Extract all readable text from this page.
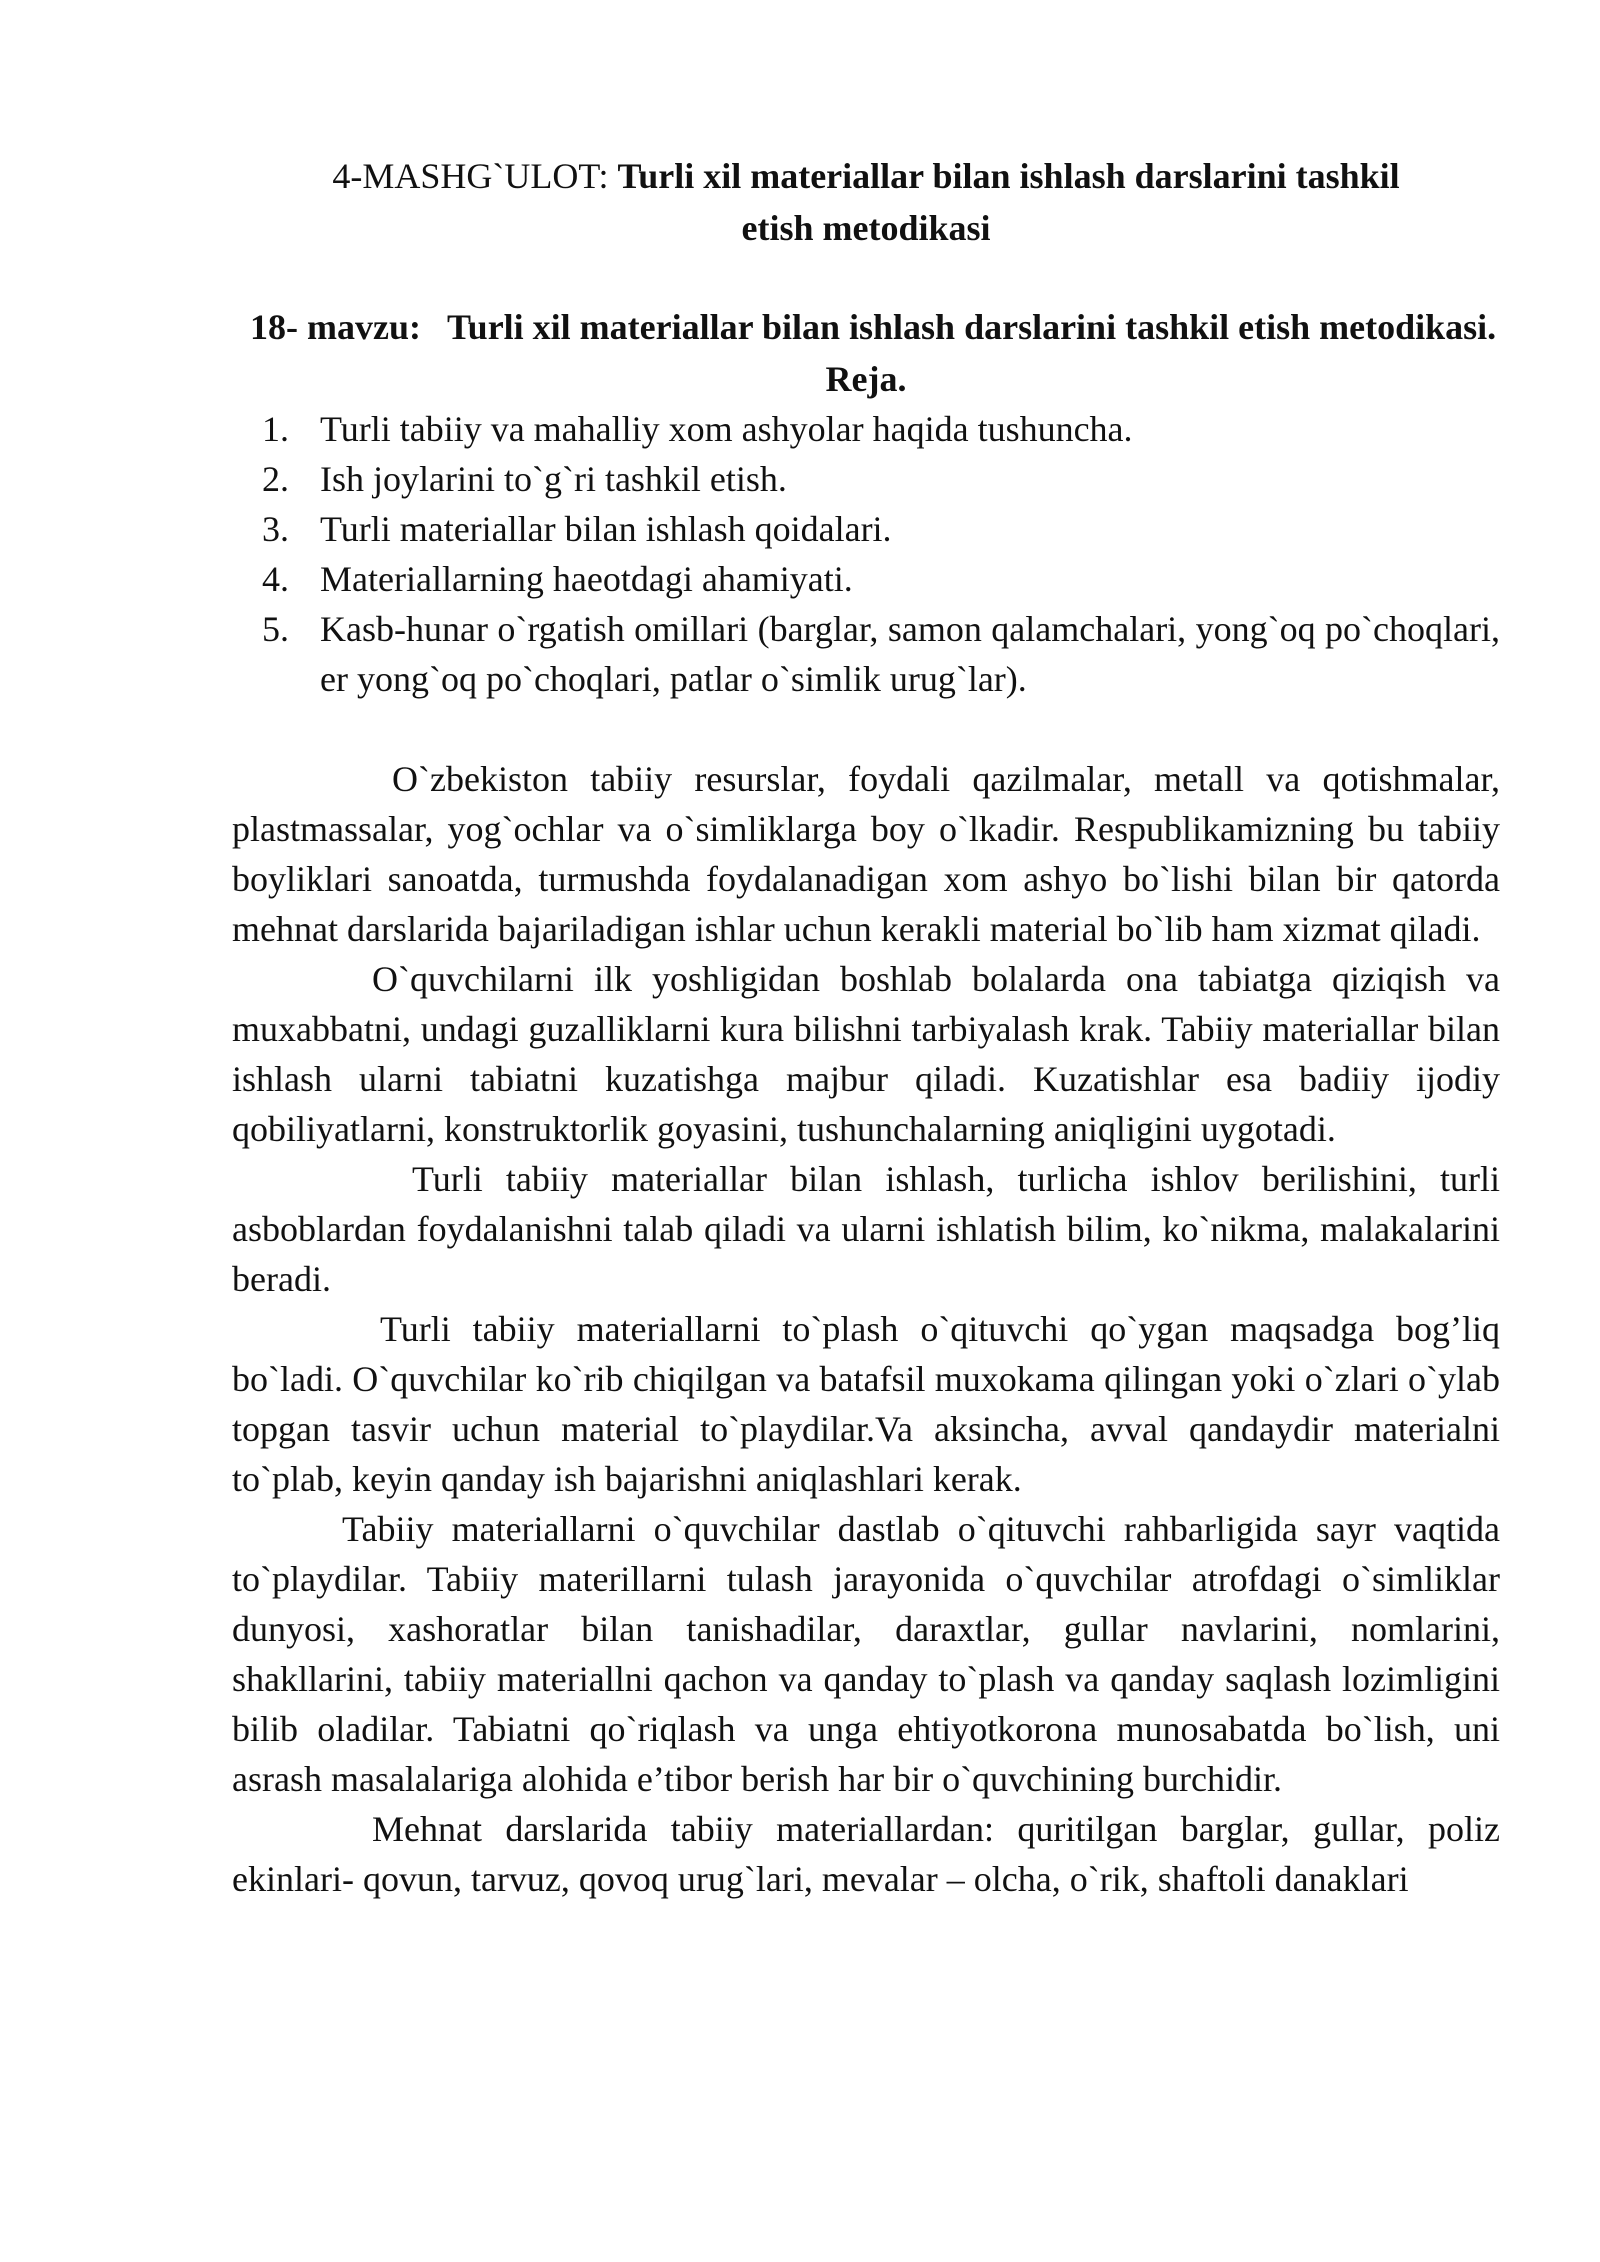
4-MASHG`ULOT: Turli xil materiallar bilan ishlash darslarini tashkil etish metodikasi
18- mavzu: Turli xil materiallar bilan ishlash darslarini tashkil etish metodikasi.
Reja.
1. Turli tabiiy va mahalliy xom ashyolar haqida tushuncha.
2. Ish joylarini to`g`ri tashkil etish.
3. Turli materiallar bilan ishlash qoidalari.
4. Materiallarning haeotdagi ahamiyati.
5. Kasb-hunar o`rgatish omillari (barglar, samon qalamchalari, yong`oq po`choqlari, er yong`oq po`choqlari, patlar o`simlik urug`lar).

O`zbekiston tabiiy resurslar, foydali qazilmalar, metall va qotishmalar, plastmassalar, yog`ochlar va o`simliklarga boy o`lkadir. Respublikamizning bu tabiiy boyliklari sanoatda, turmushda foydalanadigan xom ashyo bo`lishi bilan bir qatorda mehnat darslarida bajariladigan ishlar uchun kerakli material bo`lib ham xizmat qiladi.

O`quvchilarni ilk yoshligidan boshlab bolalarda ona tabiatga qiziqish va muxabbatni, undagi guzalliklarni kura bilishni tarbiyalash krak. Tabiiy materiallar bilan ishlash ularni tabiatni kuzatishga majbur qiladi. Kuzatishlar esa badiiy ijodiy qobiliyatlarni, konstruktorlik goyasini, tushunchalarning aniqligini uygotadi.

Turli tabiiy materiallar bilan ishlash, turlicha ishlov berilishini, turli asboblardan foydalanishni talab qiladi va ularni ishlatish bilim, ko`nikma, malakalarini beradi.

Turli tabiiy materiallarni to`plash o`qituvchi qo`ygan maqsadga bog’liq bo`ladi. O`quvchilar ko`rib chiqilgan va batafsil muxokama qilingan yoki o`zlari o`ylab topgan tasvir uchun material to`playdilar.Va aksincha, avval qandaydir materialni to`plab, keyin qanday ish bajarishni aniqlashlari kerak.

Tabiiy materiallarni o`quvchilar dastlab o`qituvchi rahbarligida sayr vaqtida to`playdilar. Tabiiy materillarni tulash jarayonida o`quvchilar atrofdagi o`simliklar dunyosi, xashoratlar bilan tanishadilar, daraxtlar, gullar navlarini, nomlarini, shakllarini, tabiiy materiallni qachon va qanday to`plash va qanday saqlash lozimligini bilib oladilar. Tabiatni qo`riqlash va unga ehtiyotkorona munosabatda bo`lish, uni asrash masalalariga alohida e’tibor berish har bir o`quvchining burchidir.

Mehnat darslarida tabiiy materiallardan: quritilgan barglar, gullar, poliz ekinlari- qovun, tarvuz, qovoq urug`lari, mevalar – olcha, o`rik, shaftoli danaklari
